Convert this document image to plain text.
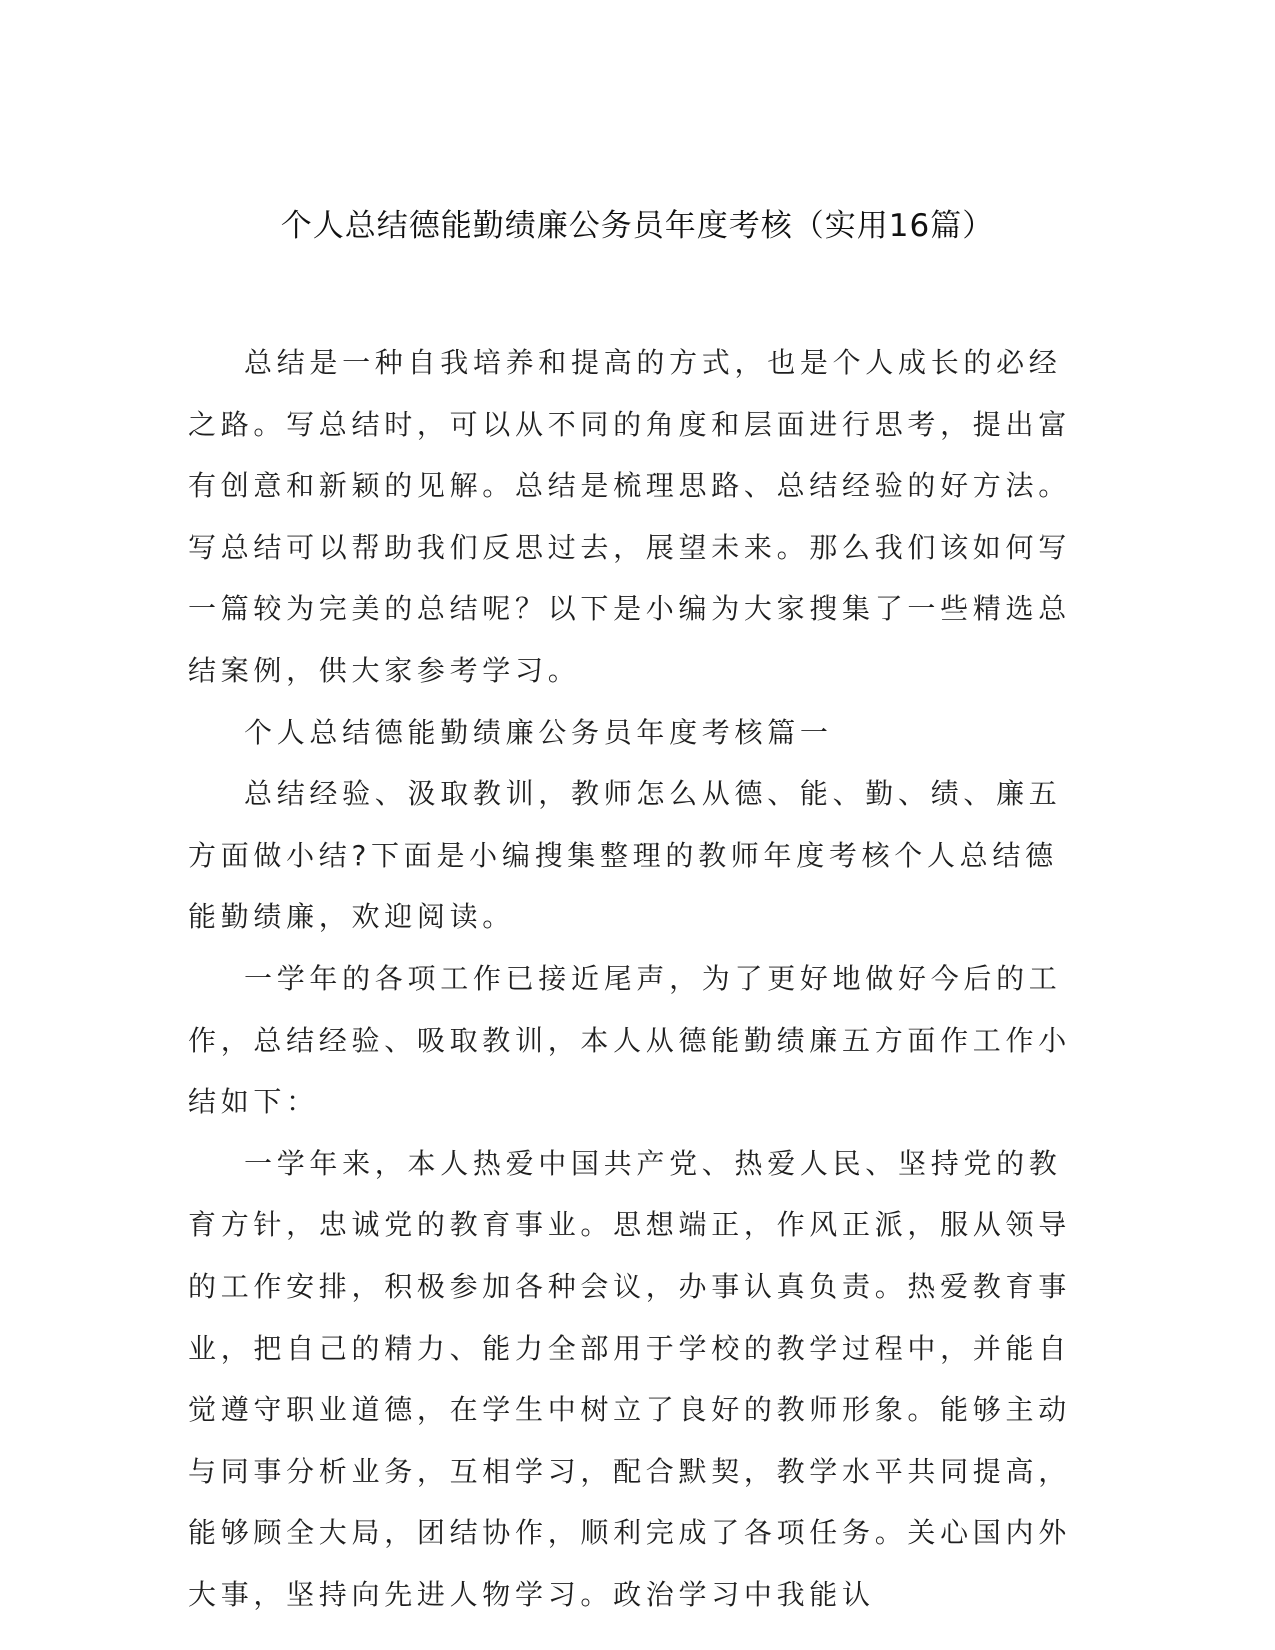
个人总结德能勤绩廉公务员年度考核（实用16篇）

总结是一种自我培养和提高的方式，也是个人成长的必经之路。写总结时，可以从不同的角度和层面进行思考，提出富有创意和新颖的见解。总结是梳理思路、总结经验的好方法。写总结可以帮助我们反思过去，展望未来。那么我们该如何写一篇较为完美的总结呢？以下是小编为大家搜集了一些精选总结案例，供大家参考学习。

个人总结德能勤绩廉公务员年度考核篇一

总结经验、汲取教训，教师怎么从德、能、勤、绩、廉五方面做小结?下面是小编搜集整理的教师年度考核个人总结德能勤绩廉，欢迎阅读。

一学年的各项工作已接近尾声，为了更好地做好今后的工作，总结经验、吸取教训，本人从德能勤绩廉五方面作工作小结如下：

一学年来，本人热爱中国共产党、热爱人民、坚持党的教育方针，忠诚党的教育事业。思想端正，作风正派，服从领导的工作安排，积极参加各种会议，办事认真负责。热爱教育事业，把自己的精力、能力全部用于学校的教学过程中，并能自觉遵守职业道德，在学生中树立了良好的教师形象。能够主动与同事分析业务，互相学习，配合默契，教学水平共同提高，能够顾全大局，团结协作，顺利完成了各项任务。关心国内外大事，坚持向先进人物学习。政治学习中我能认
